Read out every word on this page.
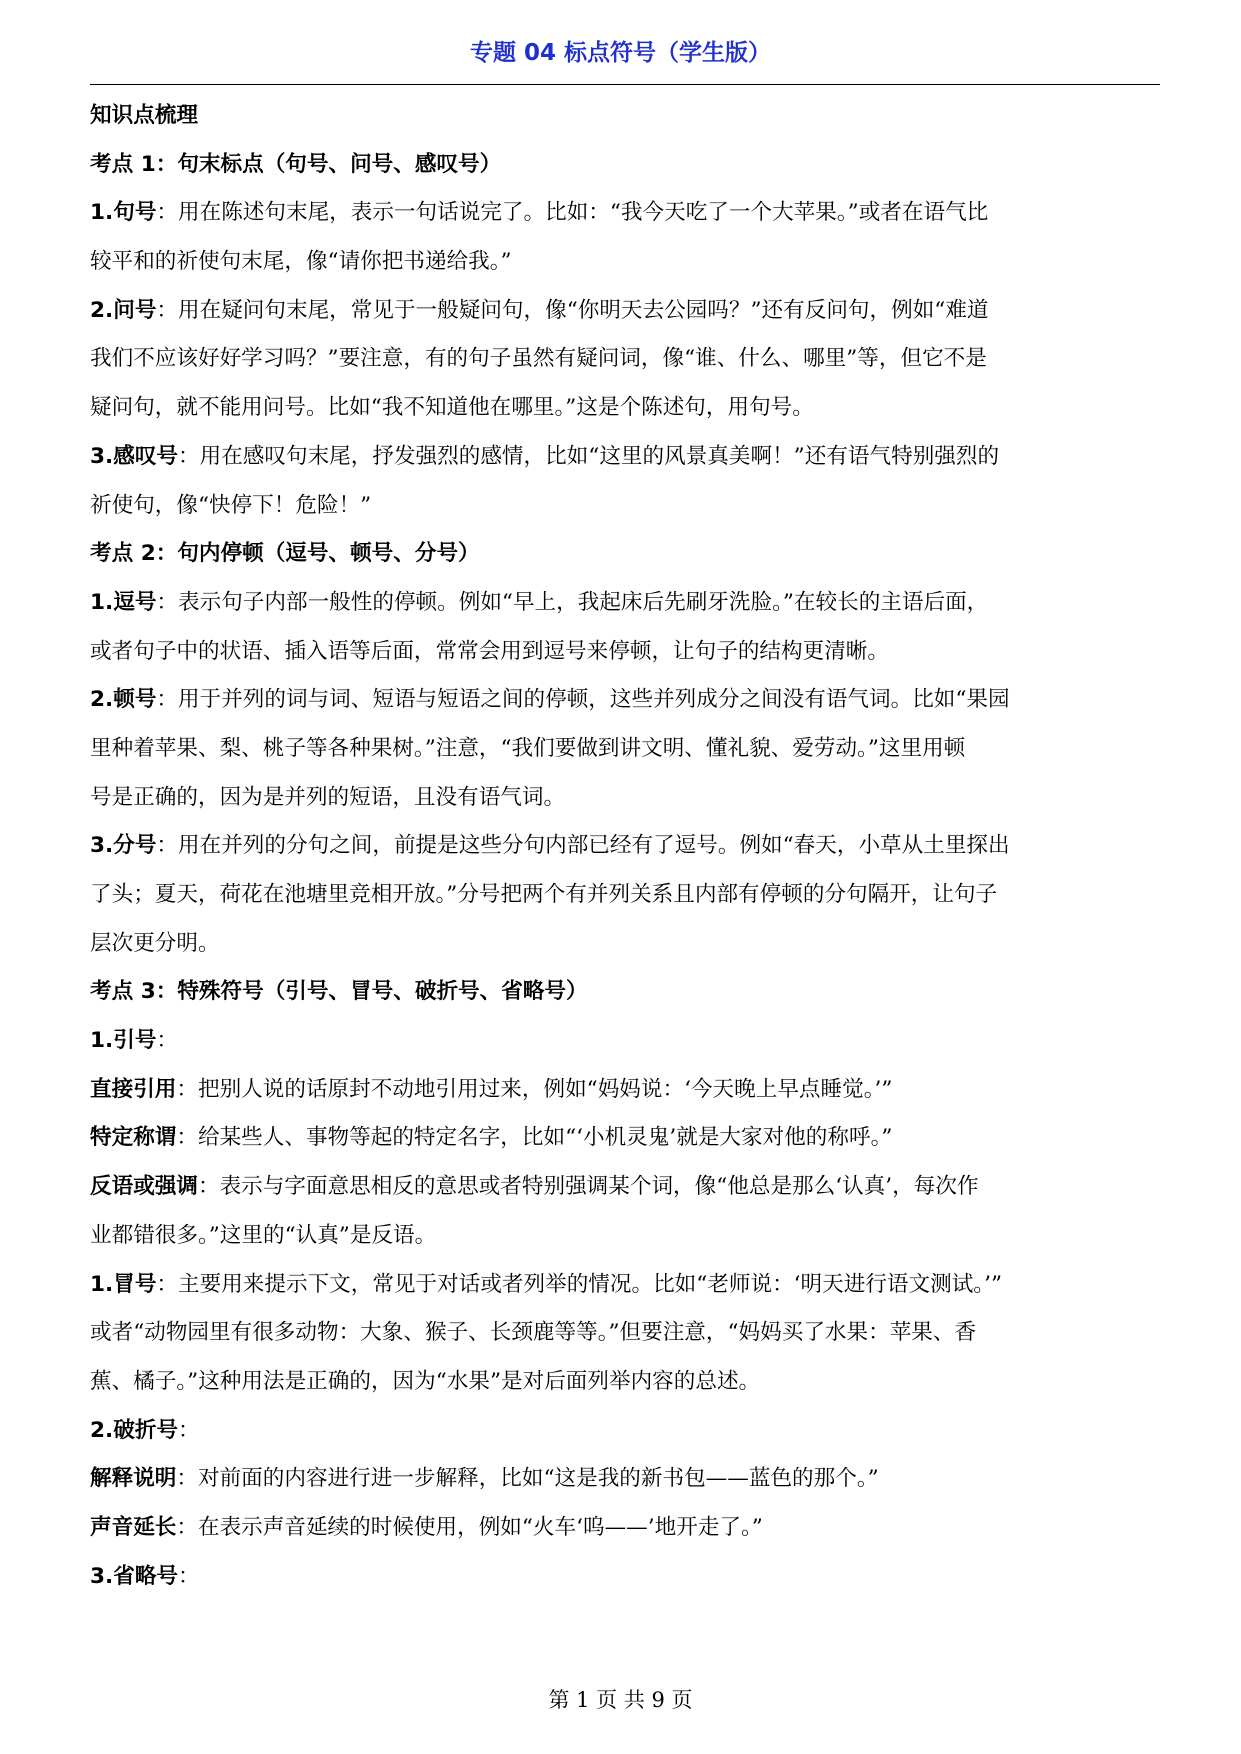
专题 04 标点符号（学生版）
知识点梳理
考点 1：句末标点（句号、问号、感叹号）
1.句号：用在陈述句末尾，表示一句话说完了。比如：“我今天吃了一个大苹果。”或者在语气比
较平和的祈使句末尾，像“请你把书递给我。”
2.问号：用在疑问句末尾，常见于一般疑问句，像“你明天去公园吗？”还有反问句，例如“难道
我们不应该好好学习吗？”要注意，有的句子虽然有疑问词，像“谁、什么、哪里”等，但它不是
疑问句，就不能用问号。比如“我不知道他在哪里。”这是个陈述句，用句号。
3.感叹号：用在感叹句末尾，抒发强烈的感情，比如“这里的风景真美啊！”还有语气特别强烈的
祈使句，像“快停下！危险！”
考点 2：句内停顿（逗号、顿号、分号）
1.逗号：表示句子内部一般性的停顿。例如“早上，我起床后先刷牙洗脸。”在较长的主语后面，
或者句子中的状语、插入语等后面，常常会用到逗号来停顿，让句子的结构更清晰。
2.顿号：用于并列的词与词、短语与短语之间的停顿，这些并列成分之间没有语气词。比如“果园
里种着苹果、梨、桃子等各种果树。”注意，“我们要做到讲文明、懂礼貌、爱劳动。”这里用顿
号是正确的，因为是并列的短语，且没有语气词。
3.分号：用在并列的分句之间，前提是这些分句内部已经有了逗号。例如“春天，小草从土里探出
了头；夏天，荷花在池塘里竞相开放。”分号把两个有并列关系且内部有停顿的分句隔开，让句子
层次更分明。
考点 3：特殊符号（引号、冒号、破折号、省略号）
1.引号：
直接引用：把别人说的话原封不动地引用过来，例如“妈妈说：‘今天晚上早点睡觉。’”
特定称谓：给某些人、事物等起的特定名字，比如“‘小机灵鬼’就是大家对他的称呼。”
反语或强调：表示与字面意思相反的意思或者特别强调某个词，像“他总是那么‘认真’，每次作
业都错很多。”这里的“认真”是反语。
1.冒号：主要用来提示下文，常见于对话或者列举的情况。比如“老师说：‘明天进行语文测试。’”
或者“动物园里有很多动物：大象、猴子、长颈鹿等等。”但要注意，“妈妈买了水果：苹果、香
蕉、橘子。”这种用法是正确的，因为“水果”是对后面列举内容的总述。
2.破折号：
解释说明：对前面的内容进行进一步解释，比如“这是我的新书包——蓝色的那个。”
声音延长：在表示声音延续的时候使用，例如“火车‘呜——’地开走了。”
3.省略号：
第 1 页 共 9 页
